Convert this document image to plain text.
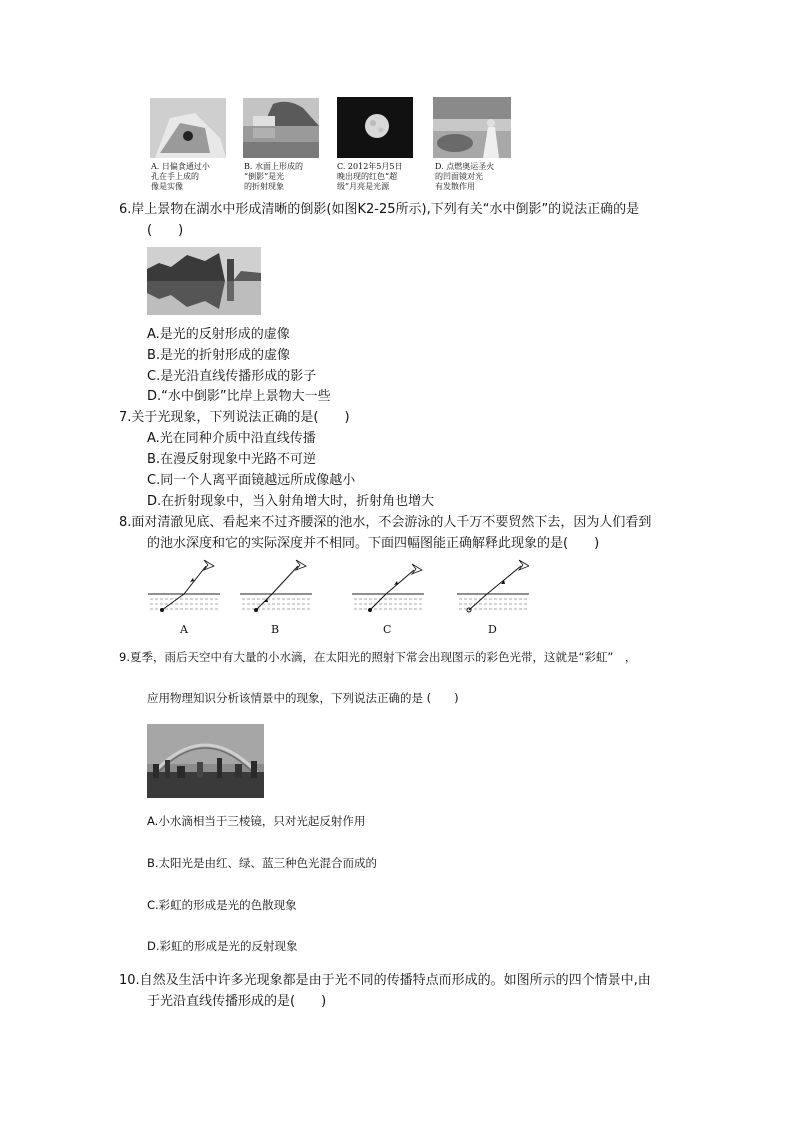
A. 日偏食通过小
孔在手上成的
像是实像
B. 水面上形成的
“倒影”是光
的折射现象
C. 2012年5月5日
晚出现的红色“超
级”月亮是光源
D. 点燃奥运圣火
的凹面镜对光
有发散作用
6.岸上景物在湖水中形成清晰的倒影(如图K2-25所示),下列有关“水中倒影”的说法正确的是
(　　)
A.是光的反射形成的虚像
B.是光的折射形成的虚像
C.是光沿直线传播形成的影子
D.“水中倒影”比岸上景物大一些
7.关于光现象，下列说法正确的是(　　)
A.光在同种介质中沿直线传播
B.在漫反射现象中光路不可逆
C.同一个人离平面镜越远所成像越小
D.在折射现象中，当入射角增大时，折射角也增大
8.面对清澈见底、看起来不过齐腰深的池水，不会游泳的人千万不要贸然下去，因为人们看到
的池水深度和它的实际深度并不相同。下面四幅图能正确解释此现象的是(　　)
A	B	C	D
9.夏季，雨后天空中有大量的小水滴，在太阳光的照射下常会出现图示的彩色光带，这就是“彩虹”　，
应用物理知识分析该情景中的现象，下列说法正确的是 (　　)
A.小水滴相当于三棱镜，只对光起反射作用
B.太阳光是由红、绿、蓝三种色光混合而成的
C.彩虹的形成是光的色散现象
D.彩虹的形成是光的反射现象
10.自然及生活中许多光现象都是由于光不同的传播特点而形成的。如图所示的四个情景中,由
于光沿直线传播形成的是(　　)
